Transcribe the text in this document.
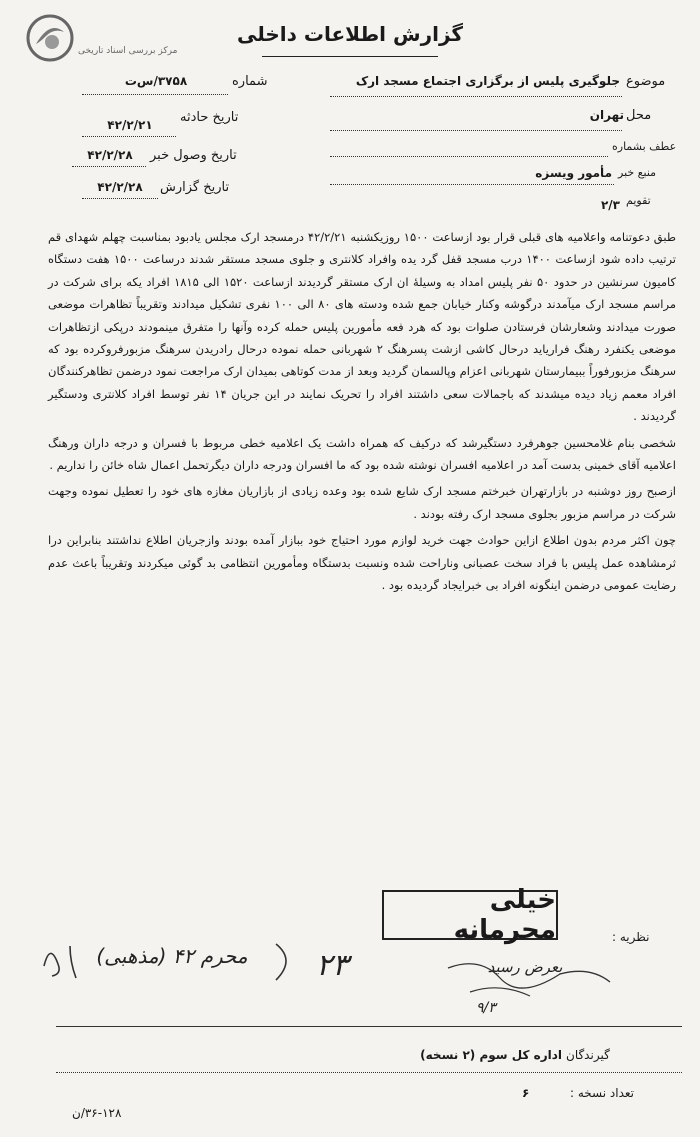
مرکز بررسی اسناد تاریخی
گزارش اطلاعات داخلی
موضوع
جلوگیری پلیس از برگزاری اجتماع مسجد ارک
محل
تهران
عطف بشماره
منبع خبر
مأمور ویسزه
تقویم
۲/۳
شماره
۳۷۵۸/س‌ت
تاریخ حادثه
۴۲/۲/۲۱
تاریخ وصول خبر
۴۲/۲/۲۸
تاریخ گزارش
۴۲/۲/۲۸

طبق دعوتنامه واعلامیه های قبلی قرار بود ازساعت ۱۵۰۰ روزیکشنبه ۴۲/۲/۲۱ درمسجد ارک مجلس یادبود بمناسبت چهلم شهدای قم ترتیب داده شود ازساعت ۱۴۰۰ درب مسجد قفل گرد یده وافراد کلانتری و جلوی مسجد مستقر شدند درساعت ۱۵۰۰ هفت دستگاه کامیون سرنشین در حدود ۵۰ نفر پلیس امداد به وسیلهٔ ان ارک مستقر گردیدند ازساعت ۱۵۲۰ الی ۱۸۱۵ افراد یکه برای شرکت در مراسم مسجد ارک میآمدند درگوشه وکنار خیابان جمع شده ودسته های ۸۰ الی ۱۰۰ نفری تشکیل میدادند وتقریباً تظاهرات موضعی صورت میدادند وشعارشان فرستادن صلوات بود که هرد فعه مأمورین پلیس حمله کرده وآنها را متفرق مینمودند درپکی ازتظاهرات موضعی یکنفرد رهنگ فراریاید درحال کاشی ازشت پسرهنگ ۲ شهربانی حمله نموده درحال رادریدن سرهنگ مزبورفروکرده بود که سرهنگ مزبورفوراً ببیمارستان شهربانی اعزام وپالسمان گردید وبعد از مدت کوتاهی بمیدان ارک مراجعت نمود درضمن تظاهرکنندگان افراد معمم زیاد دیده میشدند که باجمالات سعی داشتند افراد را تحریک نمایند در این جریان ۱۴ نفر توسط افراد کلانتری ودستگیر گردیدند .

شخصی بنام غلامحسین جوهرفرد دستگیرشد که درکیف که همراه داشت یک اعلامیه خطی مربوط با فسران و درجه داران ورهنگ اعلامیه آقای خمینی بدست آمد در اعلامیه افسران نوشته شده بود که ما افسران ودرجه داران دیگرتحمل اعمال شاه خائن را نداریم .

ازصبح روز دوشنبه در بازارتهران خبرختم مسجد ارک شایع شده بود وعده زیادی از بازاریان مغازه های خود را تعطیل نموده وجهت شرکت در مراسم مزبور بجلوی مسجد ارک رفته بودند .

چون اکثر مردم بدون اطلاع ازاین حوادث جهت خرید لوازم مورد احتیاج خود ببازار آمده بودند وازجریان اطلاع نداشتند بنابراین درا ثرمشاهده عمل پلیس با فراد سخت عصبانی وناراحت شده ونسبت بدستگاه ومأمورین انتظامی بد گوئی میکردند وتقریباً باعث عدم رضایت عمومی درضمن اینگونه افراد بی خبرایجاد گردیده بود .

خیلی محرمانه	نظریه :
محرم ۴۲ (مذهبی)	۲۳	بعرض رسید
۹/۳
گیرندگان
اداره کل سوم (۲ نسخه)
تعداد نسخه :
۶
۳۶-۱۲۸/ن
